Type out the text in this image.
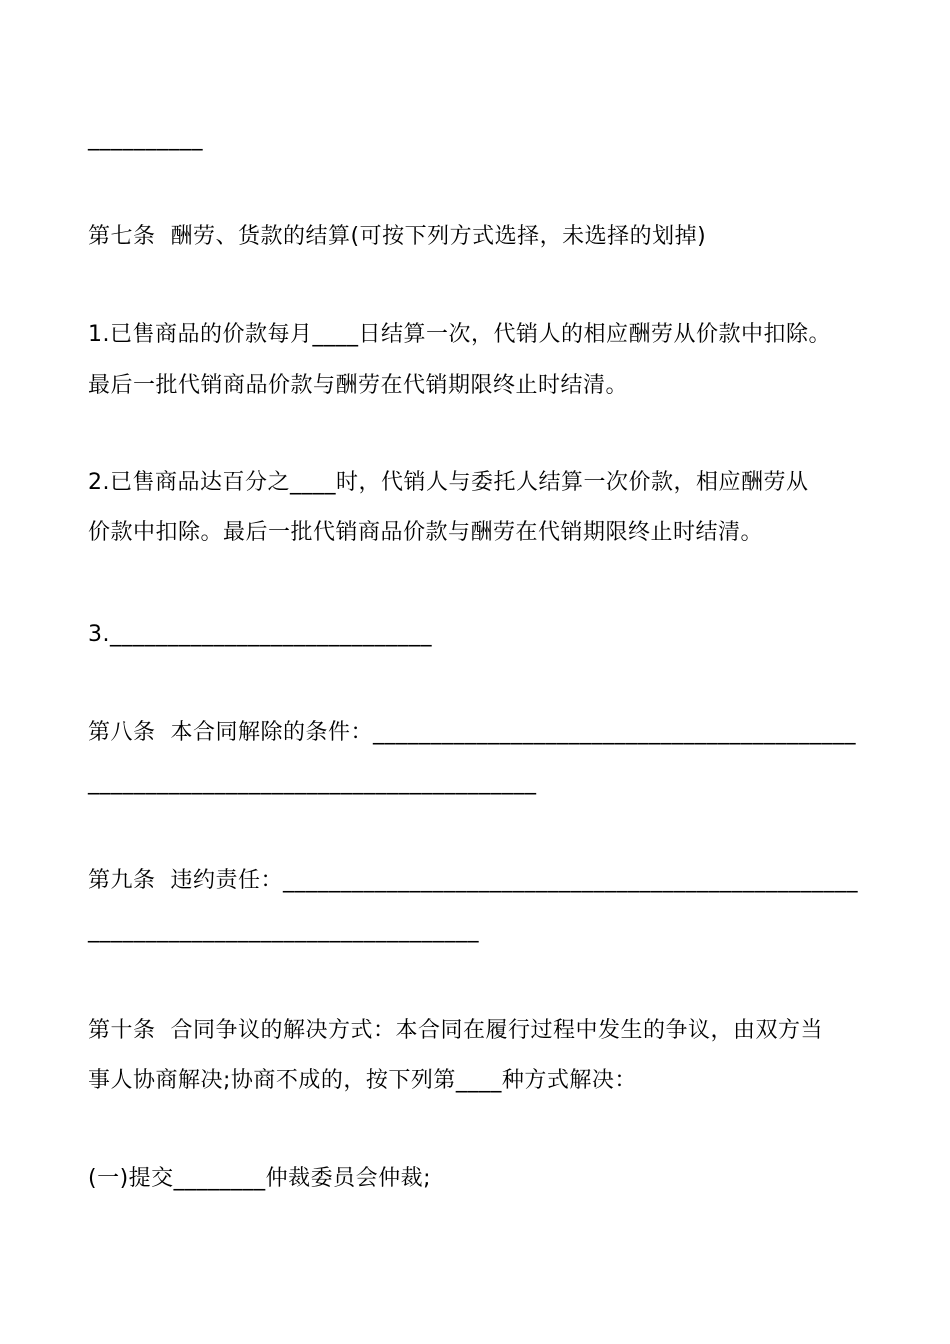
__________
第七条  酬劳、货款的结算(可按下列方式选择，未选择的划掉)
1.已售商品的价款每月____日结算一次，代销人的相应酬劳从价款中扣除。
最后一批代销商品价款与酬劳在代销期限终止时结清。
2.已售商品达百分之____时，代销人与委托人结算一次价款，相应酬劳从
价款中扣除。最后一批代销商品价款与酬劳在代销期限终止时结清。
3.____________________________
第八条  本合同解除的条件：__________________________________________
_______________________________________
第九条  违约责任：__________________________________________________
__________________________________
第十条  合同争议的解决方式：本合同在履行过程中发生的争议，由双方当
事人协商解决;协商不成的，按下列第____种方式解决：
(一)提交________仲裁委员会仲裁;
